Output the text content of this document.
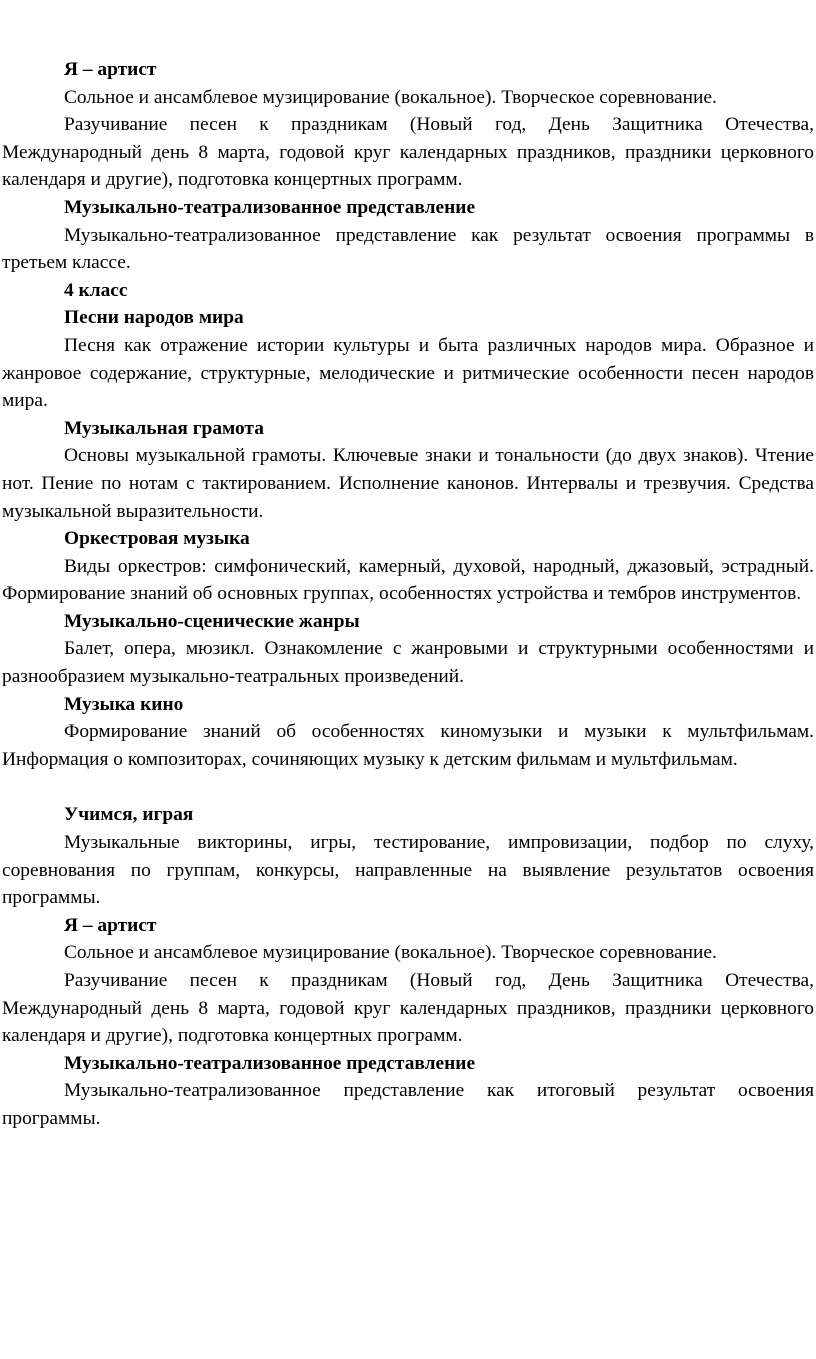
Я – артист

Сольное и ансамблевое музицирование (вокальное). Творческое соревнование.

Разучивание песен к праздникам (Новый год, День Защитника Отечества, Международный день 8 марта, годовой круг календарных праздников, праздники церковного календаря и другие), подготовка концертных программ.

Музыкально-театрализованное представление

Музыкально-театрализованное представление как результат освоения программы в третьем классе.

4 класс

Песни народов мира

Песня как отражение истории культуры и быта различных народов мира. Образное и жанровое содержание, структурные, мелодические и ритмические особенности песен народов мира.

Музыкальная грамота

Основы музыкальной грамоты. Ключевые знаки и тональности (до двух знаков). Чтение нот. Пение по нотам с тактированием. Исполнение канонов. Интервалы и трезвучия. Средства музыкальной выразительности.

Оркестровая музыка

Виды оркестров: симфонический, камерный, духовой, народный, джазовый, эстрадный. Формирование знаний об основных группах, особенностях устройства и тембров инструментов.

Музыкально-сценические жанры

Балет, опера, мюзикл. Ознакомление с жанровыми и структурными особенностями и разнообразием музыкально-театральных произведений.

Музыка кино

Формирование знаний об особенностях киномузыки и музыки к мультфильмам. Информация о композиторах, сочиняющих музыку к детским фильмам и мультфильмам.

Учимся, играя

Музыкальные викторины, игры, тестирование, импровизации, подбор по слуху, соревнования по группам, конкурсы, направленные на выявление результатов освоения программы.

Я – артист

Сольное и ансамблевое музицирование (вокальное). Творческое соревнование.

Разучивание песен к праздникам (Новый год, День Защитника Отечества, Международный день 8 марта, годовой круг календарных праздников, праздники церковного календаря и другие), подготовка концертных программ.

Музыкально-театрализованное представление

Музыкально-театрализованное представление как итоговый результат освоения программы.
